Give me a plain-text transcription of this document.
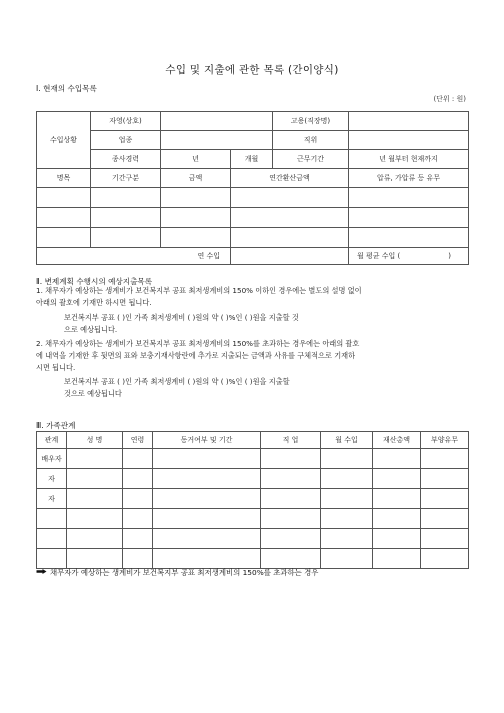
수입 및 지출에 관한 목록 (간이양식)
Ⅰ. 현재의 수입목록
(단위 : 원)
수입상황	자영(상호)			고용(직장명)	
	업종			직위	
	종사경력	년	개월	근무기간	년 월부터 현재까지
명목	기간구분	금액	연간환산금액		압류, 가압류 등 유무

연 수입					월 평균 수입 ( )
Ⅱ. 변제계획 수행시의 예상지출목록

1. 채무자가 예상하는 생계비가 보건복지부 공표 최저생계비의 150% 이하인 경우에는 별도의 설명 없이

아래의 괄호에 기재만 하시면 됩니다.

보건복지부 공표 ( )인 가족 최저생계비 ( )원의 약 ( )%인 ( )원을 지출할 것

으로 예상됩니다.

2. 채무자가 예상하는 생계비가 보건복지부 공표 최저생계비의 150%를 초과하는 경우에는 아래의 괄호

에 내역을 기재한 후 뒷면의 표와 보충기재사항란에 추가로 지출되는 금액과 사유를 구체적으로 기재하

시면 됩니다.

보건복지부 공표 ( )인 가족 최저생계비 ( )원의 약 ( )%인 ( )원을 지출할

것으로 예상됩니다

Ⅲ. 가족관계
관계	성 명	연령	동거여부 및 기간	직 업	월 수입	재산총액	부양유무
배우자							
자							
자							

채무자가 예상하는 생계비가 보건복지부 공표 최저생계비의 150%를 초과하는 경우
